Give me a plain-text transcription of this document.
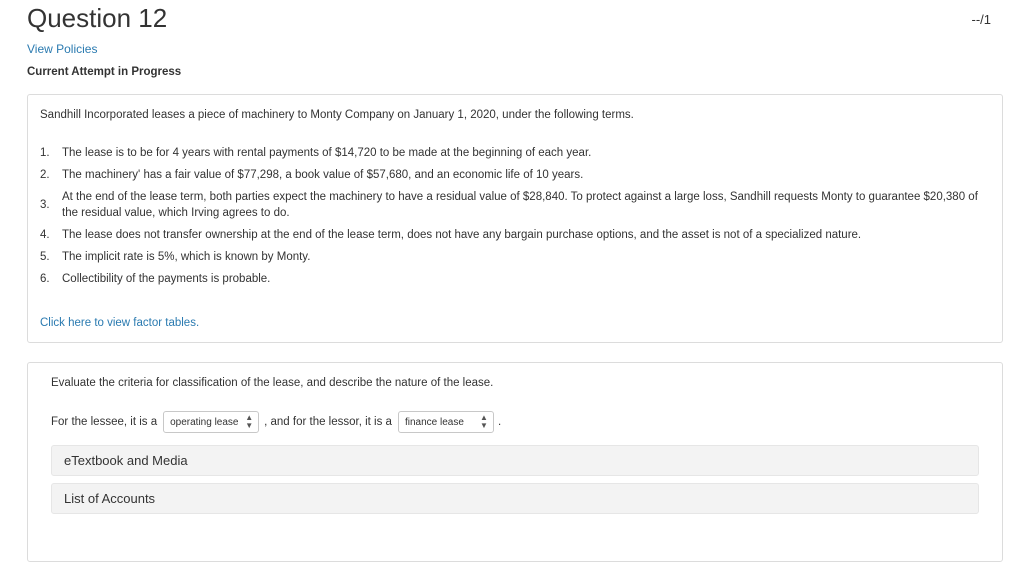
Question 12	--/1
View Policies
Current Attempt in Progress
Sandhill Incorporated leases a piece of machinery to Monty Company on January 1, 2020, under the following terms.
1.	The lease is to be for 4 years with rental payments of $14,720 to be made at the beginning of each year.
2.	The machinery' has a fair value of $77,298, a book value of $57,680, and an economic life of 10 years.
3.
At the end of the lease term, both parties expect the machinery to have a residual value of $28,840. To protect against a large loss, Sandhill requests Monty to guarantee $20,380 of the residual value, which Irving agrees to do.
4.	The lease does not transfer ownership at the end of the lease term, does not have any bargain purchase options, and the asset is not of a specialized nature.
5.	The implicit rate is 5%, which is known by Monty.
6.	Collectibility of the payments is probable.
Click here to view factor tables.
Evaluate the criteria for classification of the lease, and describe the nature of the lease.
For the lessee, it is a operating lease ▲
▼ , and for the lessor, it is a finance lease ▲
▼ .
eTextbook and Media
List of Accounts
